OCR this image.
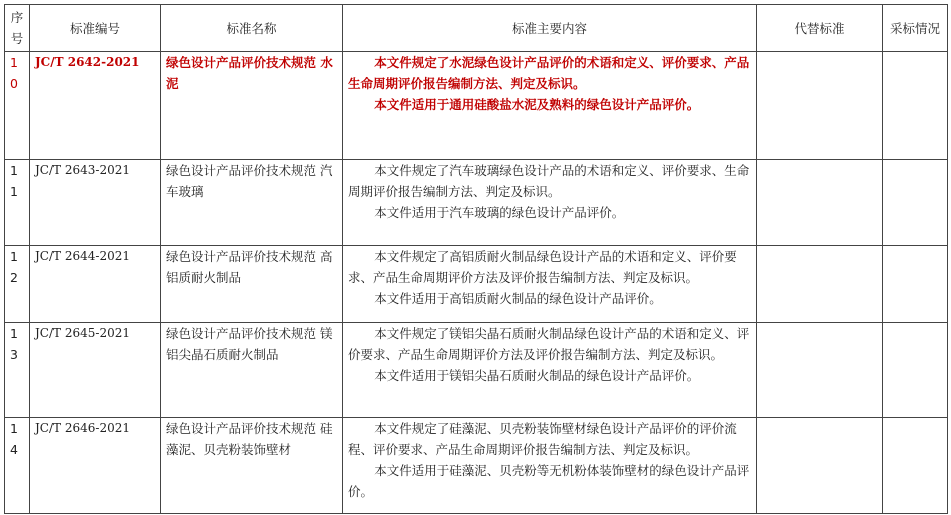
序号	标准编号	标准名称	标准主要内容	代替标准	采标情况
10	JC/T 2642-2021	绿色设计产品评价技术规范 水泥	本文件规定了水泥绿色设计产品评价的术语和定义、评价要求、产品生命周期评价报告编制方法、判定及标识。

本文件适用于通用硅酸盐水泥及熟料的绿色设计产品评价。		

11	JC/T 2643-2021	绿色设计产品评价技术规范 汽车玻璃	本文件规定了汽车玻璃绿色设计产品的术语和定义、评价要求、生命周期评价报告编制方法、判定及标识。

本文件适用于汽车玻璃的绿色设计产品评价。		

12	JC/T 2644-2021	绿色设计产品评价技术规范 高铝质耐火制品	本文件规定了高铝质耐火制品绿色设计产品的术语和定义、评价要求、产品生命周期评价方法及评价报告编制方法、判定及标识。

本文件适用于高铝质耐火制品的绿色设计产品评价。		

13	JC/T 2645-2021	绿色设计产品评价技术规范 镁铝尖晶石质耐火制品	本文件规定了镁铝尖晶石质耐火制品绿色设计产品的术语和定义、评价要求、产品生命周期评价方法及评价报告编制方法、判定及标识。

本文件适用于镁铝尖晶石质耐火制品的绿色设计产品评价。		

14	JC/T 2646-2021	绿色设计产品评价技术规范 硅藻泥、贝壳粉装饰壁材	本文件规定了硅藻泥、贝壳粉装饰壁材绿色设计产品评价的评价流程、评价要求、产品生命周期评价报告编制方法、判定及标识。

本文件适用于硅藻泥、贝壳粉等无机粉体装饰壁材的绿色设计产品评价。		
